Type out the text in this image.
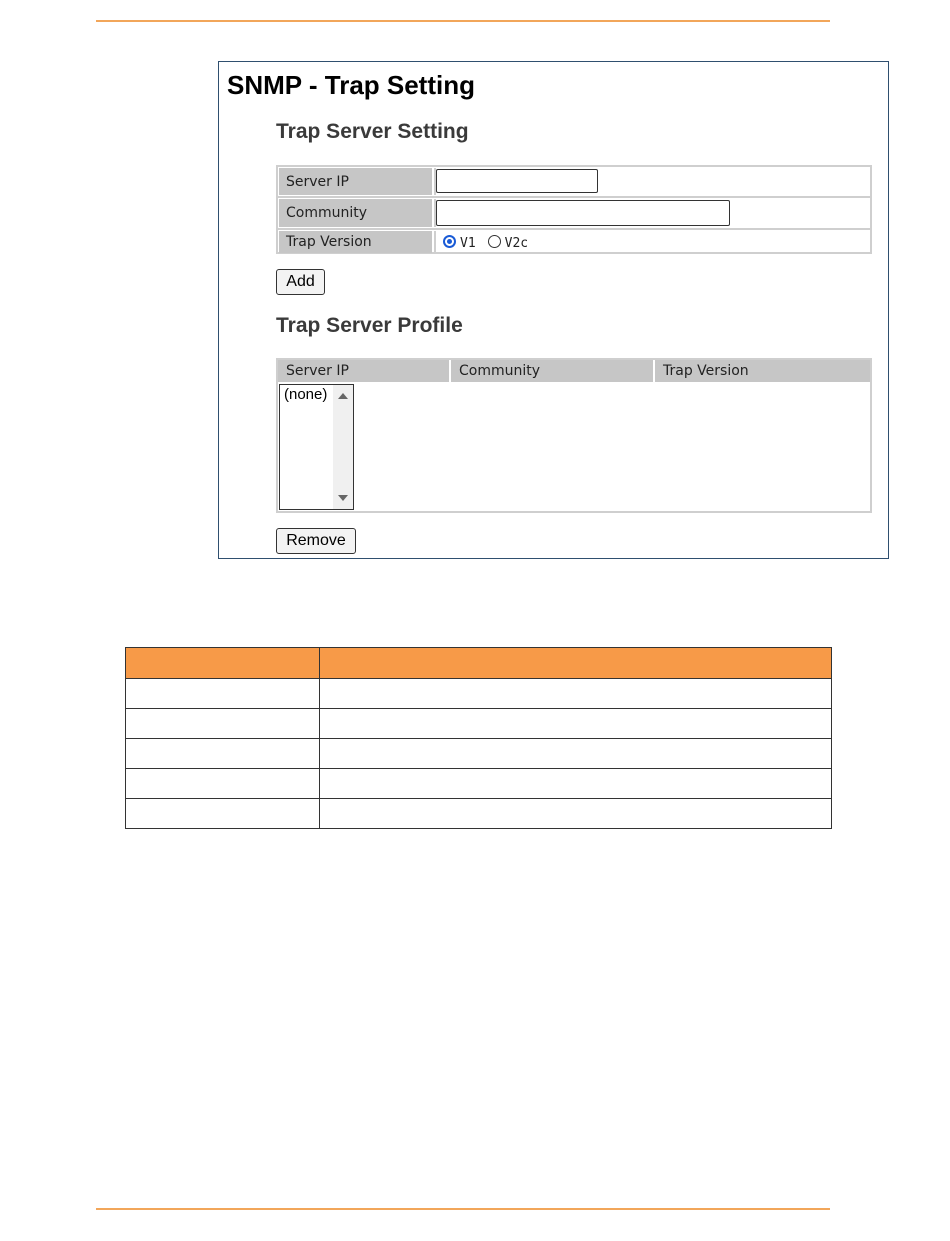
SNMP - Trap Setting
Trap Server Setting
Server IP
Community
Trap Version	V1 V2c
Add
Trap Server Profile
Server IP	Community	Trap Version
(none)
Remove
